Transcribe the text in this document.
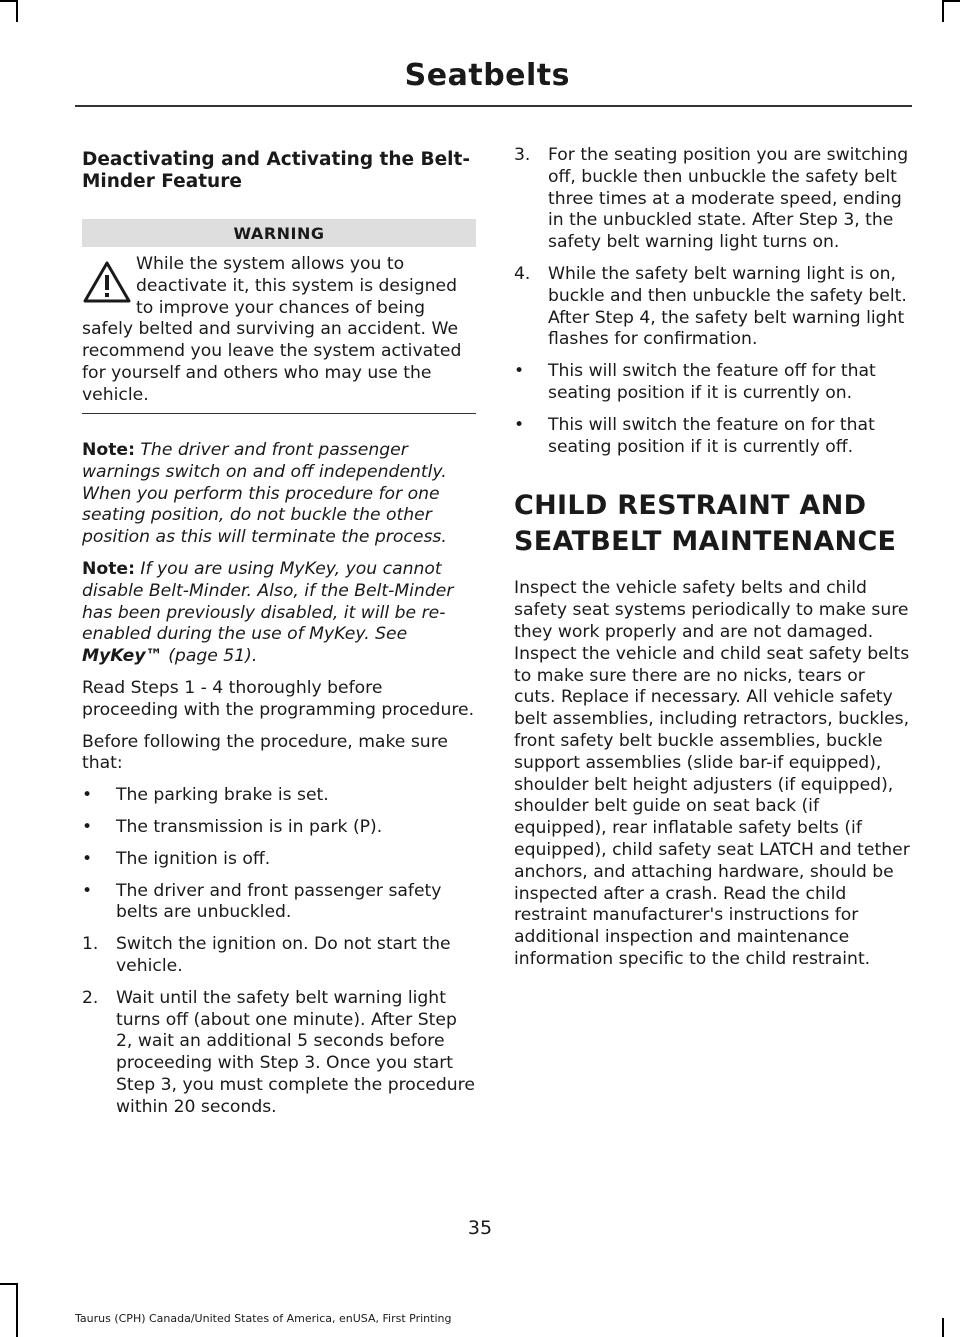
Seatbelts
Deactivating and Activating the Belt-Minder Feature
WARNING

While the system allows you to deactivate it, this system is designed to improve your chances of being safely belted and surviving an accident. We recommend you leave the system activated for yourself and others who may use the vehicle.

Note: The driver and front passenger warnings switch on and off independently. When you perform this procedure for one seating position, do not buckle the other position as this will terminate the process.

Note: If you are using MyKey, you cannot disable Belt-Minder. Also, if the Belt-Minder has been previously disabled, it will be re-enabled during the use of MyKey. See MyKey™ (page 51).

Read Steps 1 - 4 thoroughly before proceeding with the programming procedure.

Before following the procedure, make sure that:

•	The parking brake is set.
•	The transmission is in park (P).
•	The ignition is off.
•	The driver and front passenger safety belts are unbuckled.
1.	Switch the ignition on. Do not start the vehicle.
2.	Wait until the safety belt warning light turns off (about one minute). After Step 2, wait an additional 5 seconds before proceeding with Step 3. Once you start Step 3, you must complete the procedure within 20 seconds.
3.	For the seating position you are switching off, buckle then unbuckle the safety belt three times at a moderate speed, ending in the unbuckled state. After Step 3, the safety belt warning light turns on.
4.	While the safety belt warning light is on, buckle and then unbuckle the safety belt. After Step 4, the safety belt warning light flashes for confirmation.
•	This will switch the feature off for that seating position if it is currently on.
•	This will switch the feature on for that seating position if it is currently off.
CHILD RESTRAINT AND SEATBELT MAINTENANCE

Inspect the vehicle safety belts and child safety seat systems periodically to make sure they work properly and are not damaged. Inspect the vehicle and child seat safety belts to make sure there are no nicks, tears or cuts. Replace if necessary. All vehicle safety belt assemblies, including retractors, buckles, front safety belt buckle assemblies, buckle support assemblies (slide bar-if equipped), shoulder belt height adjusters (if equipped), shoulder belt guide on seat back (if equipped), rear inflatable safety belts (if equipped), child safety seat LATCH and tether anchors, and attaching hardware, should be inspected after a crash. Read the child restraint manufacturer's instructions for additional inspection and maintenance information specific to the child restraint.

35
Taurus (CPH) Canada/United States of America, enUSA, First Printing
